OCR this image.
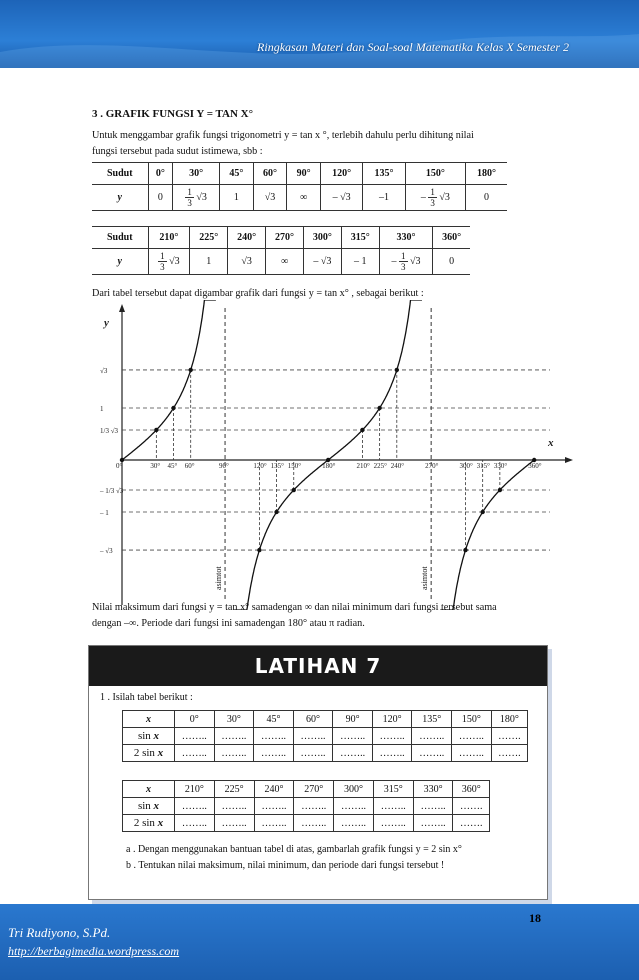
Ringkasan Materi dan Soal-soal Matematika Kelas X Semester 2
3 . GRAFIK FUNGSI Y = TAN X°
Untuk menggambar grafik fungsi trigonometri y = tan x °, terlebih dahulu perlu dihitung nilai
fungsi tersebut pada sudut istimewa, sbb :
Sudut	0°	30°	45°	60°	90°	120°	135°	150°	180°
y	0	$\frac{1}{3} √3$	1	√3	∞	– √3	–1	– $\frac{1}{3} √3$	0
Sudut	210°	225°	240°	270°	300°	315°	330°	360°
y	$\frac{1}{3} √3$	1	√3	∞	– √3	– 1	– $\frac{1}{3} √3$	0
Dari tabel tersebut dapat digambar grafik dari fungsi y = tan x° , sebagai berikut :
y
x
√3
1
1/3 √3
– 1/3 √3
– 1
– √3
0°	30° 45° 60°	90°	120° 135° 150°	180°	210° 225° 240°	270°	300° 315° 330°	360°
asimtot	asimtot
Nilai maksimum dari fungsi y = tan x° samadengan ∞ dan nilai minimum dari fungsi tersebut sama
dengan –∞. Periode dari fungsi ini samadengan 180° atau π radian.
LATIHAN 7
1 . Isilah tabel berikut :
x	0°	30°	45°	60°	90°	120°	135°	150°	180°
sin x	……..	……..	……..	……..	……..	……..	……..	……..	…….
2 sin x	……..	……..	……..	……..	……..	……..	……..	……..	…….
x	210°	225°	240°	270°	300°	315°	330°	360°
sin x	……..	……..	……..	……..	……..	……..	……..	…….
2 sin x	……..	……..	……..	……..	……..	……..	……..	…….
a . Dengan menggunakan bantuan tabel di atas, gambarlah grafik fungsi y = 2 sin x°
b . Tentukan nilai maksimum, nilai minimum, dan periode dari fungsi tersebut !
18
Tri Rudiyono, S.Pd.
http://berbagimedia.wordpress.com
